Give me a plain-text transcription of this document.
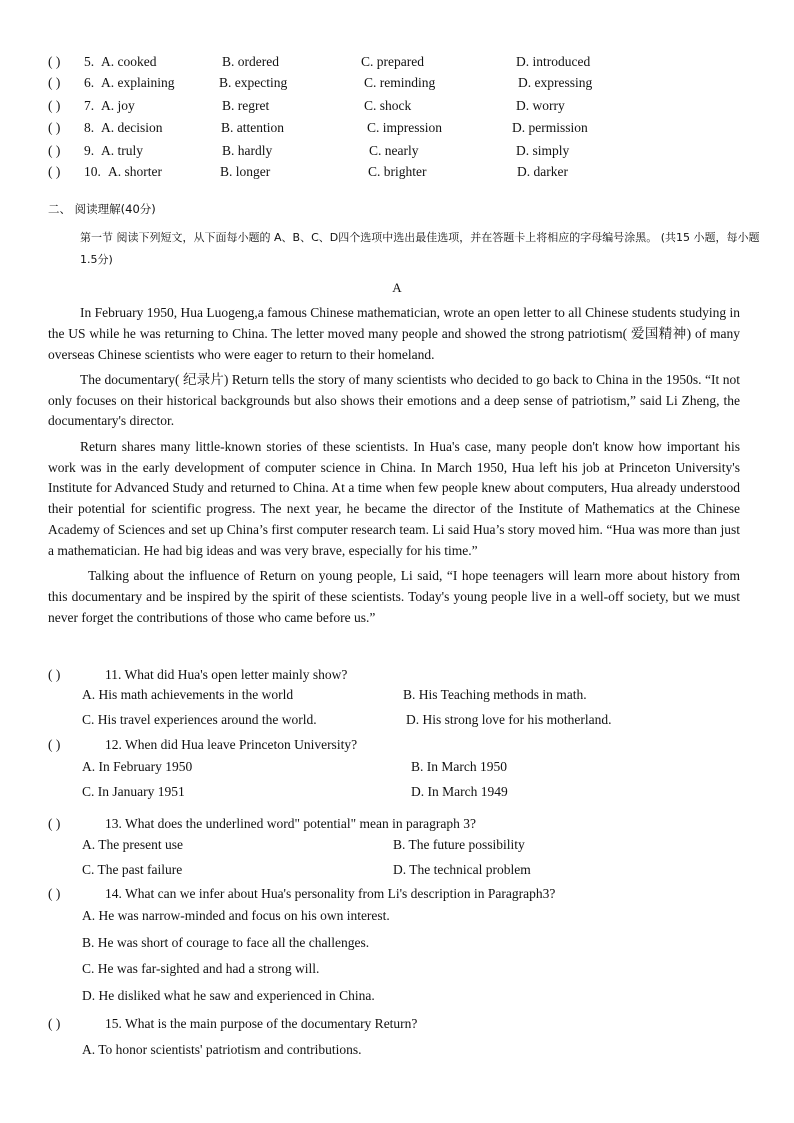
( ) 5. A. cooked	B. ordered	C. prepared	D. introduced
( ) 6. A. explaining	B. expecting	C. reminding	D. expressing
( ) 7. A. joy	B. regret	C. shock	D. worry
( ) 8. A. decision	B. attention	C. impression	D. permission
( ) 9. A. truly	B. hardly	C. nearly	D. simply
( ) 10. A. shorter	B. longer	C. brighter	D. darker
二、 阅读理解(40分)
第一节 阅读下列短文，从下面每小题的 A、B、C、D四个选项中选出最佳选项，并在答题卡上将相应的字母编号涂黑。 (共15 小题，每小题 1.5分)
A

In February 1950, Hua Luogeng,a famous Chinese mathematician, wrote an open letter to all Chinese students studying in the US while he was returning to China. The letter moved many people and showed the strong patriotism( 爱国精神) of many overseas Chinese scientists who were eager to return to their homeland.

The documentary( 纪录片) Return tells the story of many scientists who decided to go back to China in the 1950s. “It not only focuses on their historical backgrounds but also shows their emotions and a deep sense of patriotism,” said Li Zheng, the documentary's director.

Return shares many little-known stories of these scientists. In Hua's case, many people don't know how important his work was in the early development of computer science in China. In March 1950, Hua left his job at Princeton University's Institute for Advanced Study and returned to China. At a time when few people knew about computers, Hua already understood their potential for scientific progress. The next year, he became the director of the Institute of Mathematics at the Chinese Academy of Sciences and set up China’s first computer research team. Li said Hua’s story moved him. “Hua was more than just a mathematician. He had big ideas and was very brave, especially for his time.”

Talking about the influence of Return on young people, Li said, “I hope teenagers will learn more about history from this documentary and be inspired by the spirit of these scientists. Today's young people live in a well-off society, but we must never forget the contributions of those who came before us.”

( )	11. What did Hua's open letter mainly show?
A. His math achievements in the world	B. His Teaching methods in math.
C. His travel experiences around the world.	D. His strong love for his motherland.
( )	12. When did Hua leave Princeton University?
A. In February 1950	B. In March 1950
C. In January 1951	D. In March 1949
( )	13. What does the underlined word" potential" mean in paragraph 3?
A. The present use	B. The future possibility
C. The past failure	D. The technical problem
( )	14. What can we infer about Hua's personality from Li's description in Paragraph3?
A. He was narrow-minded and focus on his own interest.
B. He was short of courage to face all the challenges.
C. He was far-sighted and had a strong will.
D. He disliked what he saw and experienced in China.
( )	15. What is the main purpose of the documentary Return?
A. To honor scientists' patriotism and contributions.
